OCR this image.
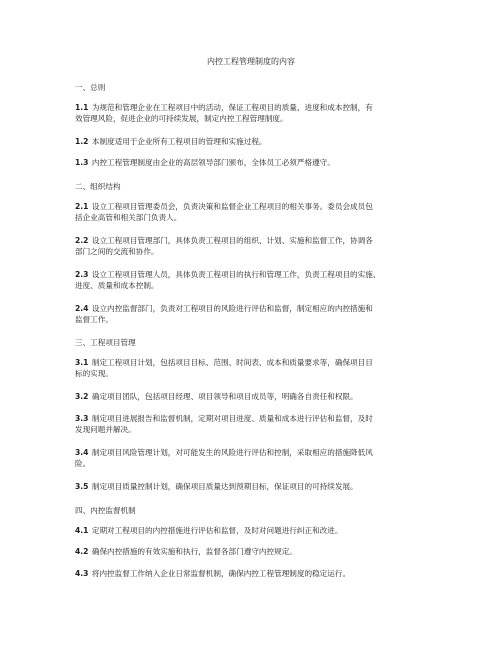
内控工程管理制度的内容
一、总则
1.1 为规范和管理企业在工程项目中的活动，保证工程项目的质量、进度和成本控制，有
效管理风险，促进企业的可持续发展，制定内控工程管理制度。
1.2 本制度适用于企业所有工程项目的管理和实施过程。
1.3 内控工程管理制度由企业的高层领导部门颁布，全体员工必须严格遵守。
二、组织结构
2.1 设立工程项目管理委员会，负责决策和监督企业工程项目的相关事务。委员会成员包
括企业高管和相关部门负责人。
2.2 设立工程项目管理部门，具体负责工程项目的组织、计划、实施和监督工作，协调各
部门之间的交流和协作。
2.3 设立工程项目管理人员，具体负责工程项目的执行和管理工作，负责工程项目的实施、
进度、质量和成本控制。
2.4 设立内控监督部门，负责对工程项目的风险进行评估和监督，制定相应的内控措施和
监督工作。
三、工程项目管理
3.1 制定工程项目计划，包括项目目标、范围、时间表、成本和质量要求等，确保项目目
标的实现。
3.2 确定项目团队，包括项目经理、项目领导和项目成员等，明确各自责任和权限。
3.3 制定项目进展报告和监督机制，定期对项目进度、质量和成本进行评估和监督，及时
发现问题并解决。
3.4 制定项目风险管理计划，对可能发生的风险进行评估和控制，采取相应的措施降低风
险。
3.5 制定项目质量控制计划，确保项目质量达到预期目标，保证项目的可持续发展。
四、内控监督机制
4.1 定期对工程项目的内控措施进行评估和监督，及时对问题进行纠正和改进。
4.2 确保内控措施的有效实施和执行，监督各部门遵守内控规定。
4.3 将内控监督工作纳入企业日常监督机制，确保内控工程管理制度的稳定运行。
